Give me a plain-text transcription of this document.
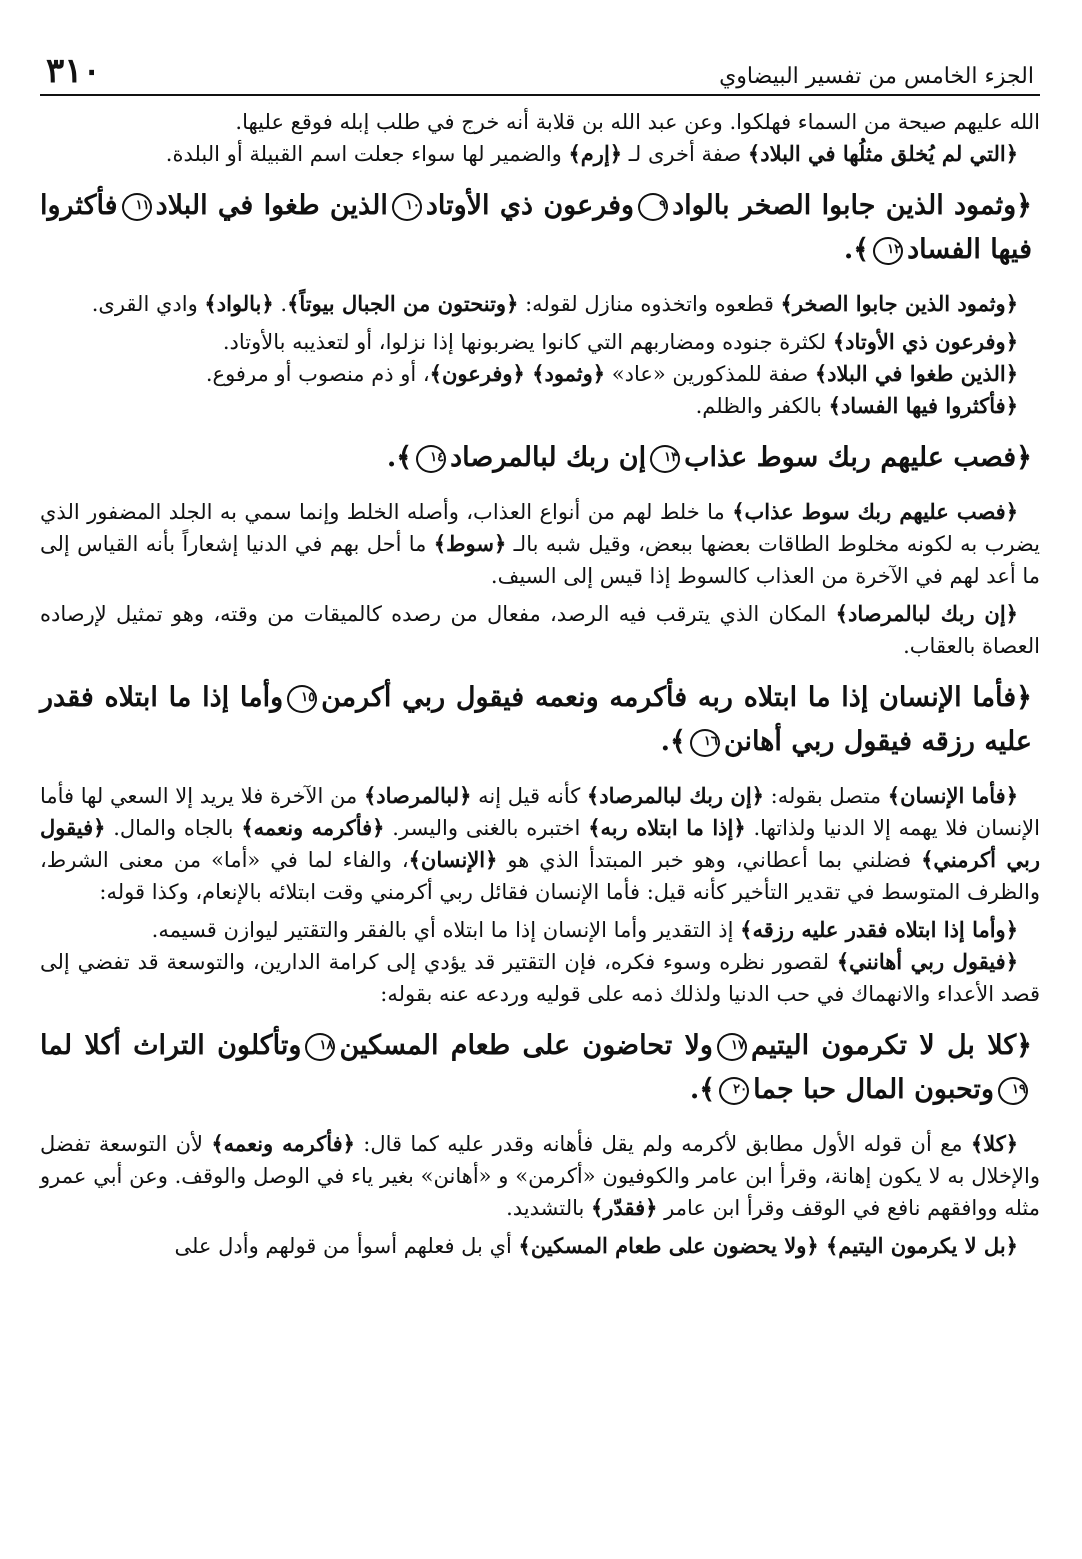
الجزء الخامس من تفسير البيضاوي
٣١٠

الله عليهم صيحة من السماء فهلكوا. وعن عبد الله بن قلابة أنه خرج في طلب إبله فوقع عليها.

﴿التي لم يُخلق مثلُها في البلاد﴾ صفة أخرى لـ ﴿إرم﴾ والضمير لها سواء جعلت اسم القبيلة أو البلدة.

﴿وثمود الذين جابوا الصخر بالواد٩وفرعون ذي الأوتاد١٠الذين طغوا في البلاد١١فأكثروا فيها الفساد١٢﴾.

﴿وثمود الذين جابوا الصخر﴾ قطعوه واتخذوه منازل لقوله: ﴿وتنحتون من الجبال بيوتاً﴾. ﴿بالواد﴾ وادي القرى.

﴿وفرعون ذي الأوتاد﴾ لكثرة جنوده ومضاربهم التي كانوا يضربونها إذا نزلوا، أو لتعذيبه بالأوتاد.

﴿الذين طغوا في البلاد﴾ صفة للمذكورين «عاد» ﴿وثمود﴾ ﴿وفرعون﴾، أو ذم منصوب أو مرفوع.

﴿فأكثروا فيها الفساد﴾ بالكفر والظلم.

﴿فصب عليهم ربك سوط عذاب١٣إن ربك لبالمرصاد١٤﴾.

﴿فصب عليهم ربك سوط عذاب﴾ ما خلط لهم من أنواع العذاب، وأصله الخلط وإنما سمي به الجلد المضفور الذي يضرب به لكونه مخلوط الطاقات بعضها ببعض، وقيل شبه بالـ ﴿سوط﴾ ما أحل بهم في الدنيا إشعاراً بأنه القياس إلى ما أعد لهم في الآخرة من العذاب كالسوط إذا قيس إلى السيف.

﴿إن ربك لبالمرصاد﴾ المكان الذي يترقب فيه الرصد، مفعال من رصده كالميقات من وقته، وهو تمثيل لإرصاده العصاة بالعقاب.

﴿فأما الإنسان إذا ما ابتلاه ربه فأكرمه ونعمه فيقول ربي أكرمن١٥وأما إذا ما ابتلاه فقدر عليه رزقه فيقول ربي أهانن١٦﴾.

﴿فأما الإنسان﴾ متصل بقوله: ﴿إن ربك لبالمرصاد﴾ كأنه قيل إنه ﴿لبالمرصاد﴾ من الآخرة فلا يريد إلا السعي لها فأما الإنسان فلا يهمه إلا الدنيا ولذاتها. ﴿إذا ما ابتلاه ربه﴾ اختبره بالغنى واليسر. ﴿فأكرمه ونعمه﴾ بالجاه والمال. ﴿فيقول ربي أكرمني﴾ فضلني بما أعطاني، وهو خبر المبتدأ الذي هو ﴿الإنسان﴾، والفاء لما في «أما» من معنى الشرط، والظرف المتوسط في تقدير التأخير كأنه قيل: فأما الإنسان فقائل ربي أكرمني وقت ابتلائه بالإنعام، وكذا قوله:

﴿وأما إذا ابتلاه فقدر عليه رزقه﴾ إذ التقدير وأما الإنسان إذا ما ابتلاه أي بالفقر والتقتير ليوازن قسيمه.

﴿فيقول ربي أهانني﴾ لقصور نظره وسوء فكره، فإن التقتير قد يؤدي إلى كرامة الدارين، والتوسعة قد تفضي إلى قصد الأعداء والانهماك في حب الدنيا ولذلك ذمه على قوليه وردعه عنه بقوله:

﴿كلا بل لا تكرمون اليتيم١٧ولا تحاضون على طعام المسكين١٨وتأكلون التراث أكلا لما١٩وتحبون المال حبا جما٢٠﴾.

﴿كلا﴾ مع أن قوله الأول مطابق لأكرمه ولم يقل فأهانه وقدر عليه كما قال: ﴿فأكرمه ونعمه﴾ لأن التوسعة تفضل والإخلال به لا يكون إهانة، وقرأ ابن عامر والكوفيون «أكرمن» و «أهانن» بغير ياء في الوصل والوقف. وعن أبي عمرو مثله ووافقهم نافع في الوقف وقرأ ابن عامر ﴿فقدّر﴾ بالتشديد.

﴿بل لا يكرمون اليتيم﴾ ﴿ولا يحضون على طعام المسكين﴾ أي بل فعلهم أسوأ من قولهم وأدل على
